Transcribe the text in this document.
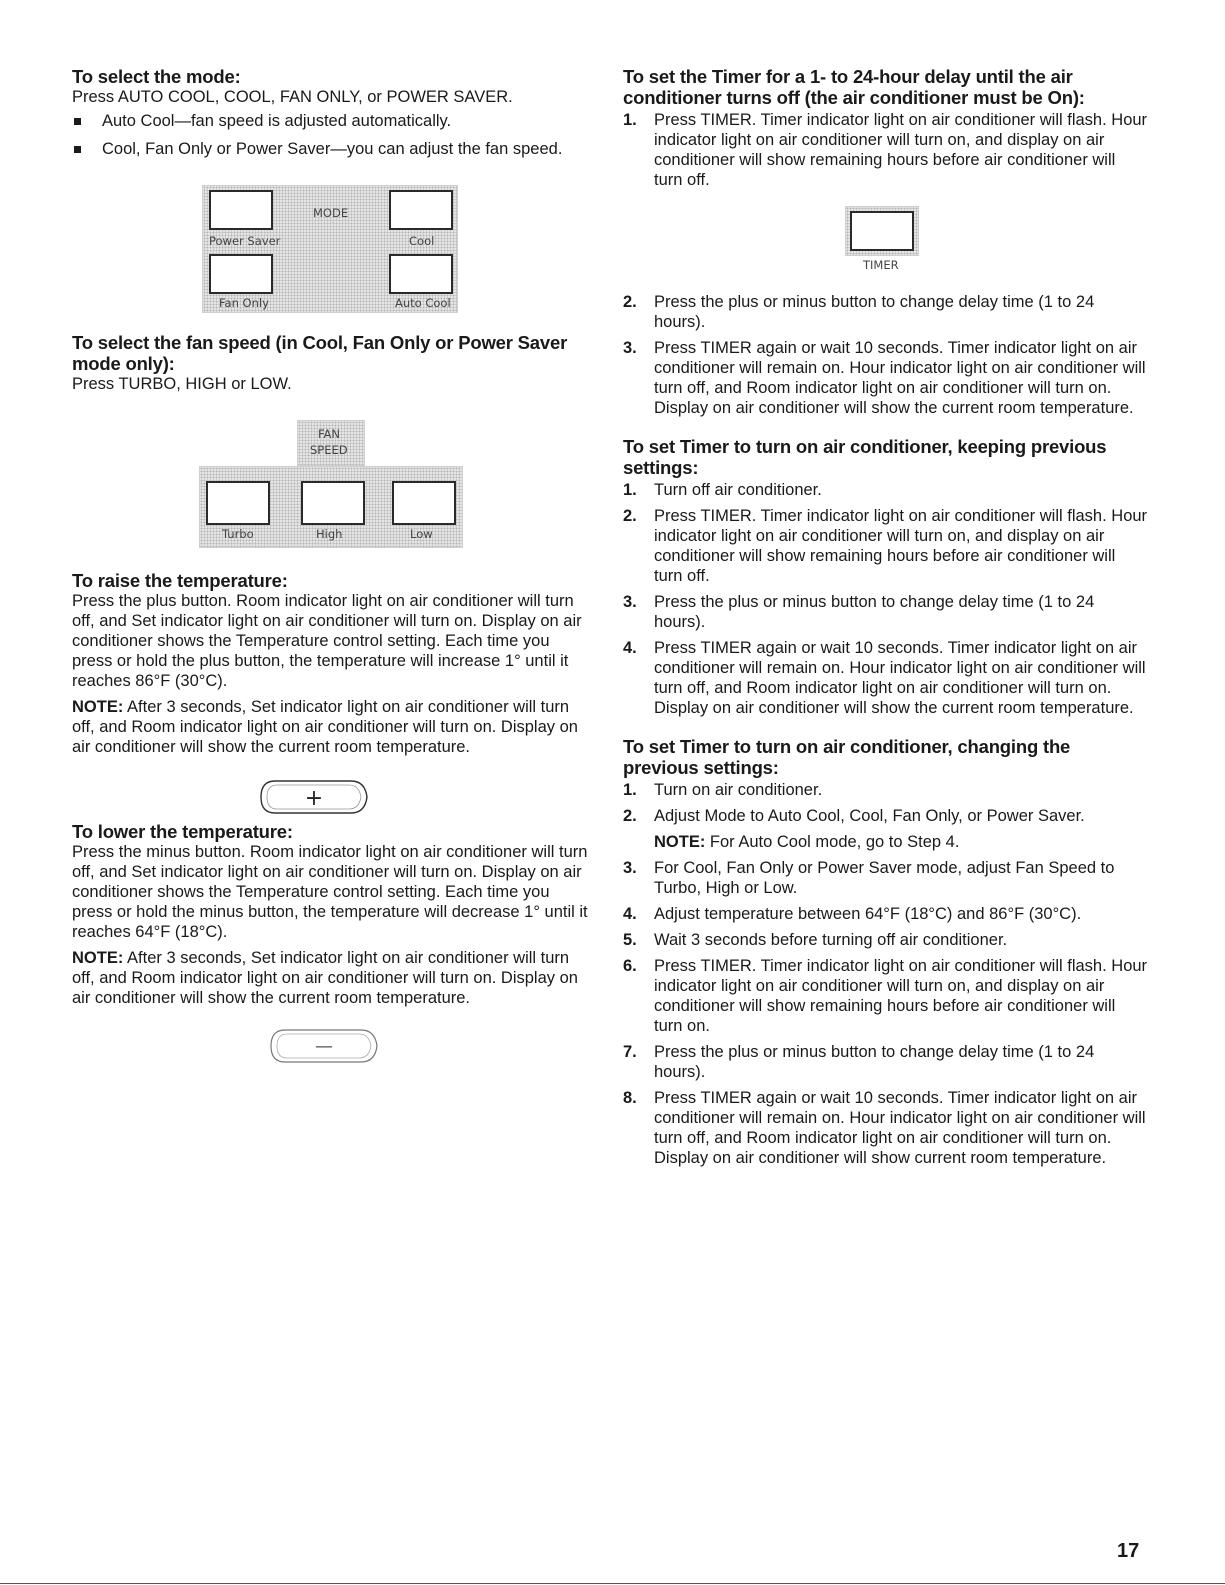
To select the mode:

Press AUTO COOL, COOL, FAN ONLY, or POWER SAVER.

Auto Cool—fan speed is adjusted automatically.
Cool, Fan Only or Power Saver—you can adjust the fan speed.
MODE
Power Saver	Cool
Fan Only	Auto Cool
To select the fan speed (in Cool, Fan Only or Power Saver mode only):

Press TURBO, HIGH or LOW.

FAN
SPEED
Turbo	High	Low
To raise the temperature:

Press the plus button. Room indicator light on air conditioner will turn off, and Set indicator light on air conditioner will turn on. Display on air conditioner shows the Temperature control setting. Each time you press or hold the plus button, the temperature will increase 1° until it reaches 86°F (30°C).

NOTE: After 3 seconds, Set indicator light on air conditioner will turn off, and Room indicator light on air conditioner will turn on. Display on air conditioner will show the current room temperature.

+
To lower the temperature:

Press the minus button. Room indicator light on air conditioner will turn off, and Set indicator light on air conditioner will turn on. Display on air conditioner shows the Temperature control setting. Each time you press or hold the minus button, the temperature will decrease 1° until it reaches 64°F (18°C).

NOTE: After 3 seconds, Set indicator light on air conditioner will turn off, and Room indicator light on air conditioner will turn on. Display on air conditioner will show the current room temperature.

—
To set the Timer for a 1- to 24-hour delay until the air conditioner turns off (the air conditioner must be On):
1. Press TIMER. Timer indicator light on air conditioner will flash. Hour indicator light on air conditioner will turn on, and display on air conditioner will show remaining hours before air conditioner will turn off.
TIMER
2. Press the plus or minus button to change delay time (1 to 24 hours).
3. Press TIMER again or wait 10 seconds. Timer indicator light on air conditioner will remain on. Hour indicator light on air conditioner will turn off, and Room indicator light on air conditioner will turn on. Display on air conditioner will show the current room temperature.
To set Timer to turn on air conditioner, keeping previous settings:
1. Turn off air conditioner.
2. Press TIMER. Timer indicator light on air conditioner will flash. Hour indicator light on air conditioner will turn on, and display on air conditioner will show remaining hours before air conditioner will turn off.
3. Press the plus or minus button to change delay time (1 to 24 hours).
4. Press TIMER again or wait 10 seconds. Timer indicator light on air conditioner will remain on. Hour indicator light on air conditioner will turn off, and Room indicator light on air conditioner will turn on. Display on air conditioner will show the current room temperature.
To set Timer to turn on air conditioner, changing the previous settings:
1. Turn on air conditioner.
2. Adjust Mode to Auto Cool, Cool, Fan Only, or Power Saver.
NOTE: For Auto Cool mode, go to Step 4.
3. For Cool, Fan Only or Power Saver mode, adjust Fan Speed to Turbo, High or Low.
4. Adjust temperature between 64°F (18°C) and 86°F (30°C).
5. Wait 3 seconds before turning off air conditioner.
6. Press TIMER. Timer indicator light on air conditioner will flash. Hour indicator light on air conditioner will turn on, and display on air conditioner will show remaining hours before air conditioner will turn on.
7. Press the plus or minus button to change delay time (1 to 24 hours).
8. Press TIMER again or wait 10 seconds. Timer indicator light on air conditioner will remain on. Hour indicator light on air conditioner will turn off, and Room indicator light on air conditioner will turn on. Display on air conditioner will show current room temperature.
17
